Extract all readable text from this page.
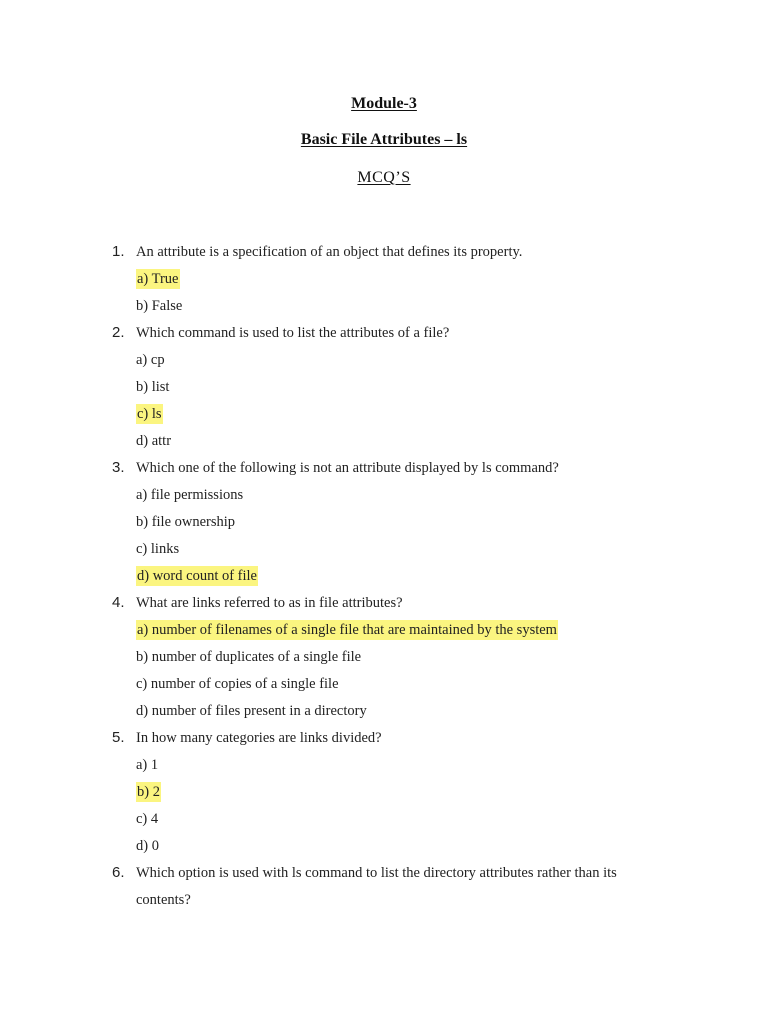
Module-3
Basic File Attributes – ls
MCQ’S
1. An attribute is a specification of an object that defines its property.
a) True
b) False
2. Which command is used to list the attributes of a file?
a) cp
b) list
c) ls
d) attr
3. Which one of the following is not an attribute displayed by ls command?
a) file permissions
b) file ownership
c) links
d) word count of file
4. What are links referred to as in file attributes?
a) number of filenames of a single file that are maintained by the system
b) number of duplicates of a single file
c) number of copies of a single file
d) number of files present in a directory
5. In how many categories are links divided?
a) 1
b) 2
c) 4
d) 0
6. Which option is used with ls command to list the directory attributes rather than its
contents?
